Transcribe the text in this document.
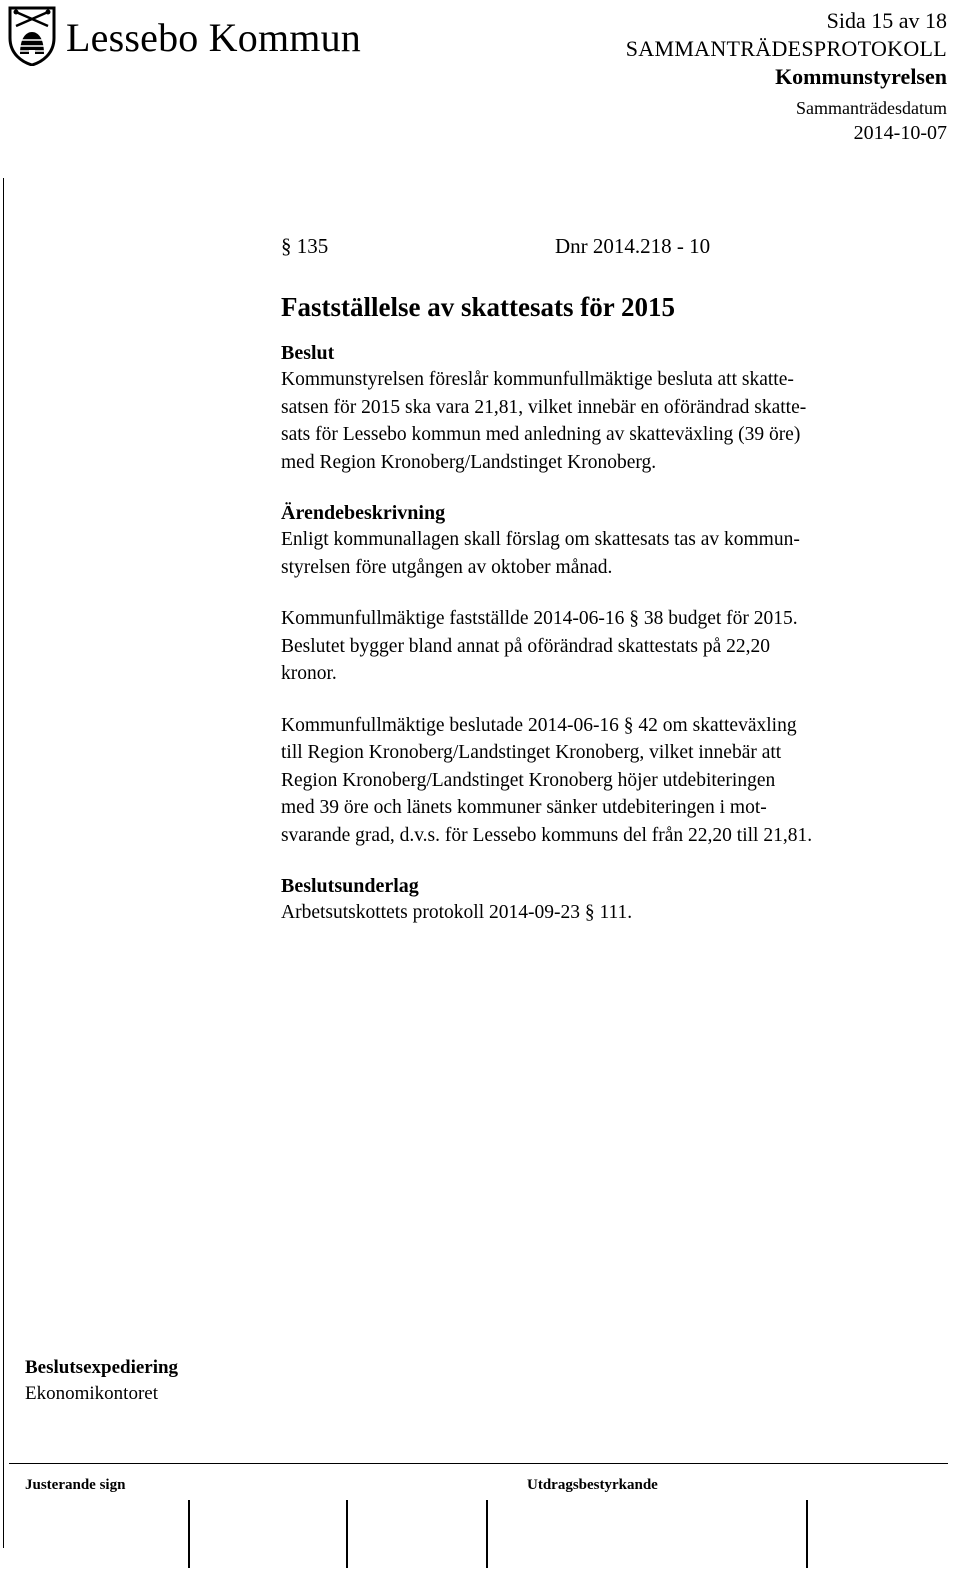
Lessebo Kommun	Sida 15 av 18
SAMMANTRÄDESPROTOKOLL
Kommunstyrelsen
Sammanträdesdatum
2014-10-07
§ 135	Dnr 2014.218 - 10
Fastställelse av skattesats för 2015
Beslut
Kommunstyrelsen föreslår kommunfullmäktige besluta att skatte-
satsen för 2015 ska vara 21,81, vilket innebär en oförändrad skatte-
sats för Lessebo kommun med anledning av skatteväxling (39 öre)
med Region Kronoberg/Landstinget Kronoberg.
Ärendebeskrivning
Enligt kommunallagen skall förslag om skattesats tas av kommun-
styrelsen före utgången av oktober månad.
Kommunfullmäktige fastställde 2014-06-16 § 38 budget för 2015.
Beslutet bygger bland annat på oförändrad skattestats på 22,20
kronor.
Kommunfullmäktige beslutade 2014-06-16 § 42 om skatteväxling
till Region Kronoberg/Landstinget Kronoberg, vilket innebär att
Region Kronoberg/Landstinget Kronoberg höjer utdebiteringen
med 39 öre och länets kommuner sänker utdebiteringen i mot-
svarande grad, d.v.s. för Lessebo kommuns del från 22,20 till 21,81.
Beslutsunderlag
Arbetsutskottets protokoll 2014-09-23 § 111.
Beslutsexpediering
Ekonomikontoret
Justerande sign	Utdragsbestyrkande
